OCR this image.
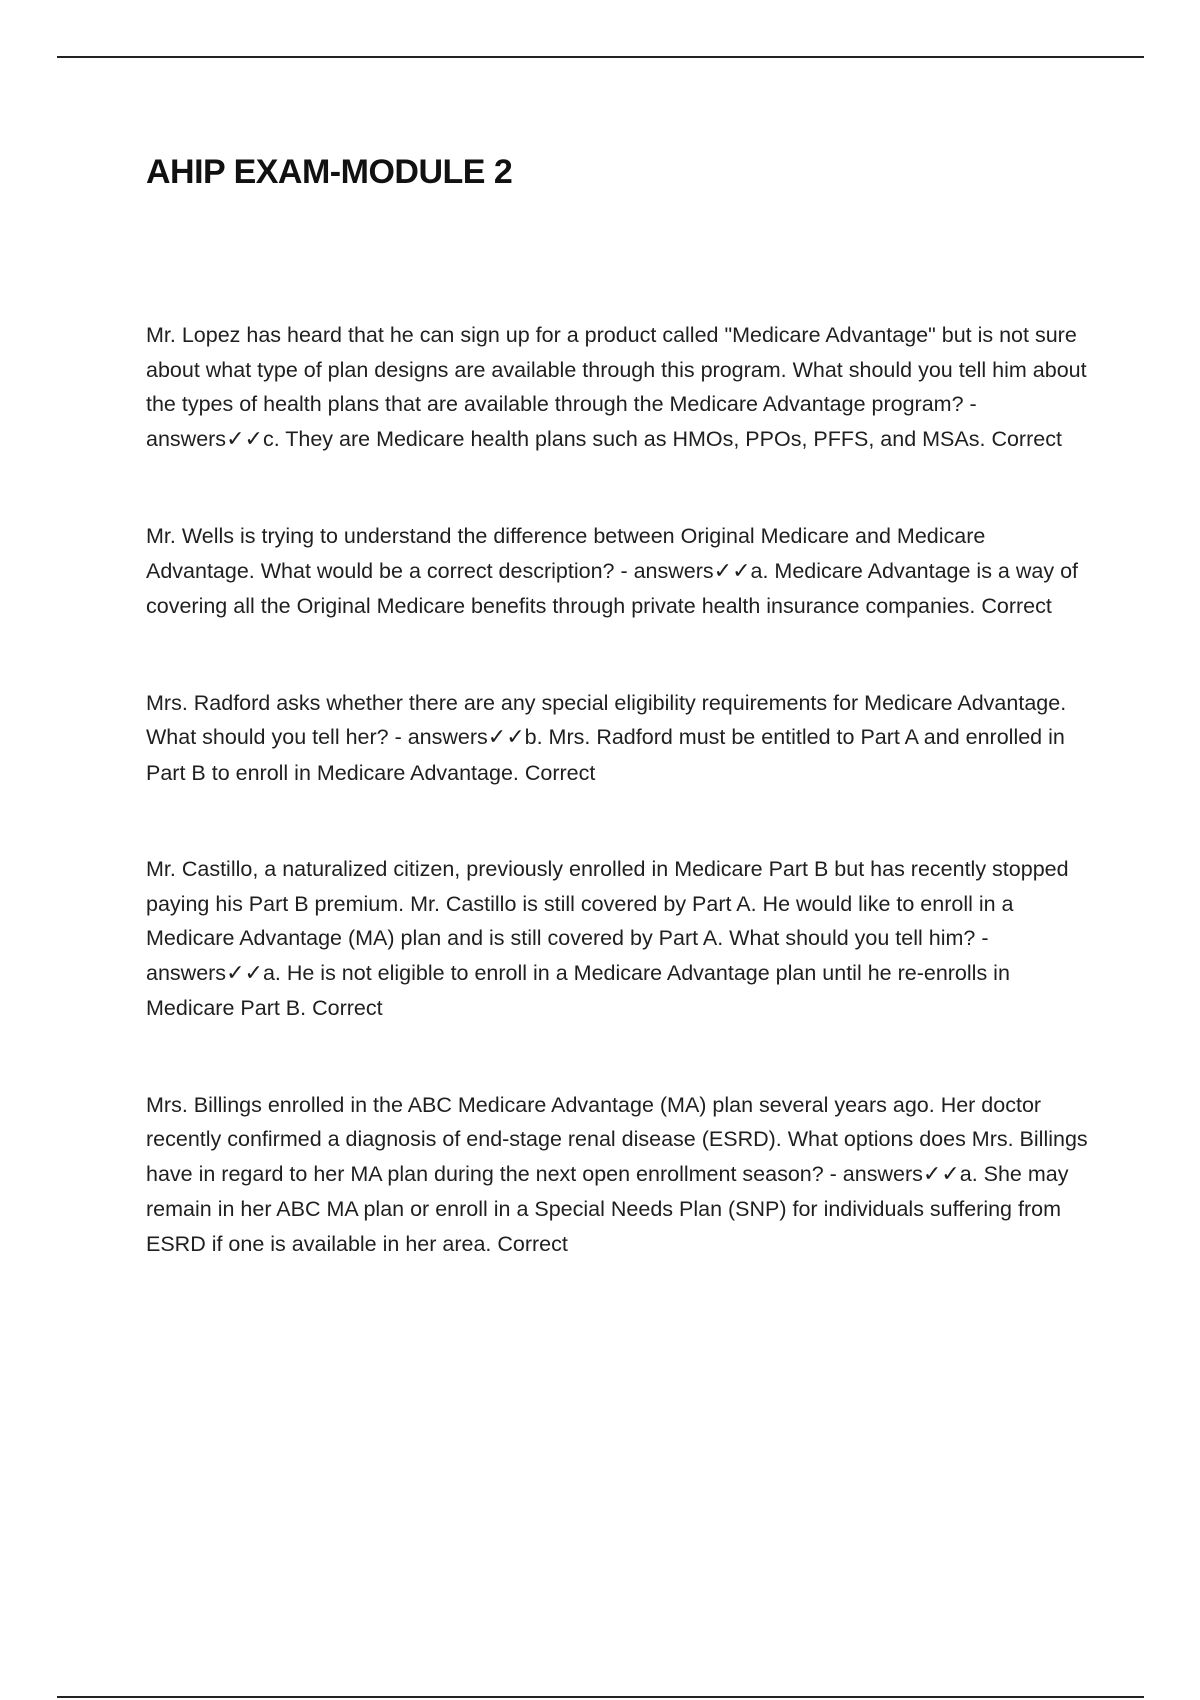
AHIP EXAM-MODULE 2

Mr. Lopez has heard that he can sign up for a product called "Medicare Advantage" but is not sure about what type of plan designs are available through this program. What should you tell him about the types of health plans that are available through the Medicare Advantage program? - answers✓✓c. They are Medicare health plans such as HMOs, PPOs, PFFS, and MSAs. Correct

Mr. Wells is trying to understand the difference between Original Medicare and Medicare Advantage. What would be a correct description? - answers✓✓a. Medicare Advantage is a way of covering all the Original Medicare benefits through private health insurance companies. Correct

Mrs. Radford asks whether there are any special eligibility requirements for Medicare Advantage. What should you tell her? - answers✓✓b. Mrs. Radford must be entitled to Part A and enrolled in Part B to enroll in Medicare Advantage. Correct

Mr. Castillo, a naturalized citizen, previously enrolled in Medicare Part B but has recently stopped paying his Part B premium. Mr. Castillo is still covered by Part A. He would like to enroll in a Medicare Advantage (MA) plan and is still covered by Part A. What should you tell him? - answers✓✓a. He is not eligible to enroll in a Medicare Advantage plan until he re-enrolls in Medicare Part B. Correct

Mrs. Billings enrolled in the ABC Medicare Advantage (MA) plan several years ago. Her doctor recently confirmed a diagnosis of end-stage renal disease (ESRD). What options does Mrs. Billings have in regard to her MA plan during the next open enrollment season? - answers✓✓a. She may remain in her ABC MA plan or enroll in a Special Needs Plan (SNP) for individuals suffering from ESRD if one is available in her area. Correct
